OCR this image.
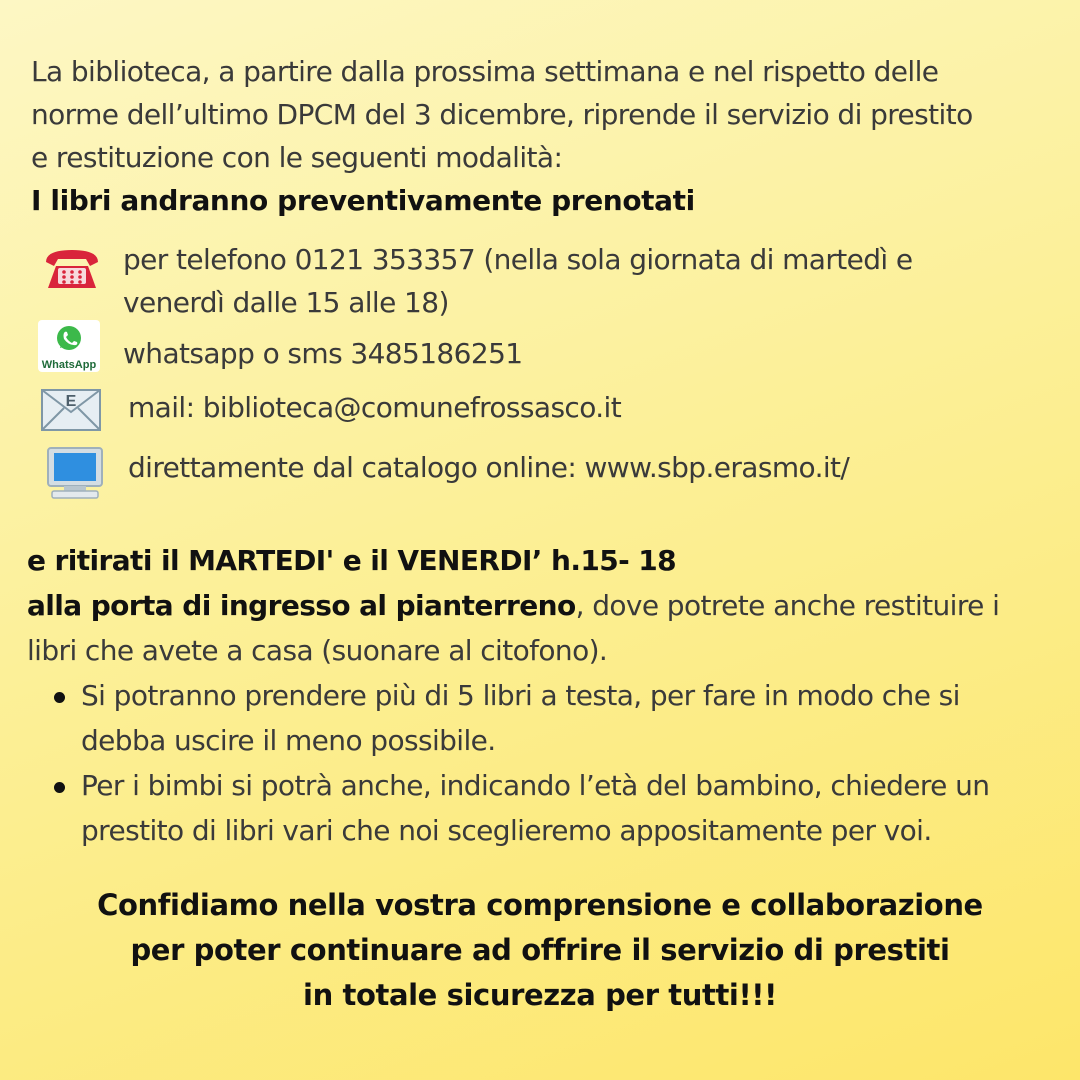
La biblioteca, a partire dalla prossima settimana e nel rispetto delle

norme dell’ultimo DPCM del 3 dicembre, riprende il servizio di prestito

e restituzione con le seguenti modalità:

I libri andranno preventivamente prenotati

per telefono 0121 353357 (nella sola giornata di martedì e
venerdì dalle 15 alle 18)
WhatsApp whatsapp o sms 3485186251
E mail: biblioteca@comunefrossasco.it
direttamente dal catalogo online: www.sbp.erasmo.it/

e ritirati il MARTEDI' e il VENERDI’ h.15- 18

alla porta di ingresso al pianterreno, dove potrete anche restituire i

libri che avete a casa (suonare al citofono).

Si potranno prendere più di 5 libri a testa, per fare in modo che si
debba uscire il meno possibile.
Per i bimbi si potrà anche, indicando l’età del bambino, chiedere un
prestito di libri vari che noi sceglieremo appositamente per voi.

Confidiamo nella vostra comprensione e collaborazione

per poter continuare ad offrire il servizio di prestiti

in totale sicurezza per tutti!!!
